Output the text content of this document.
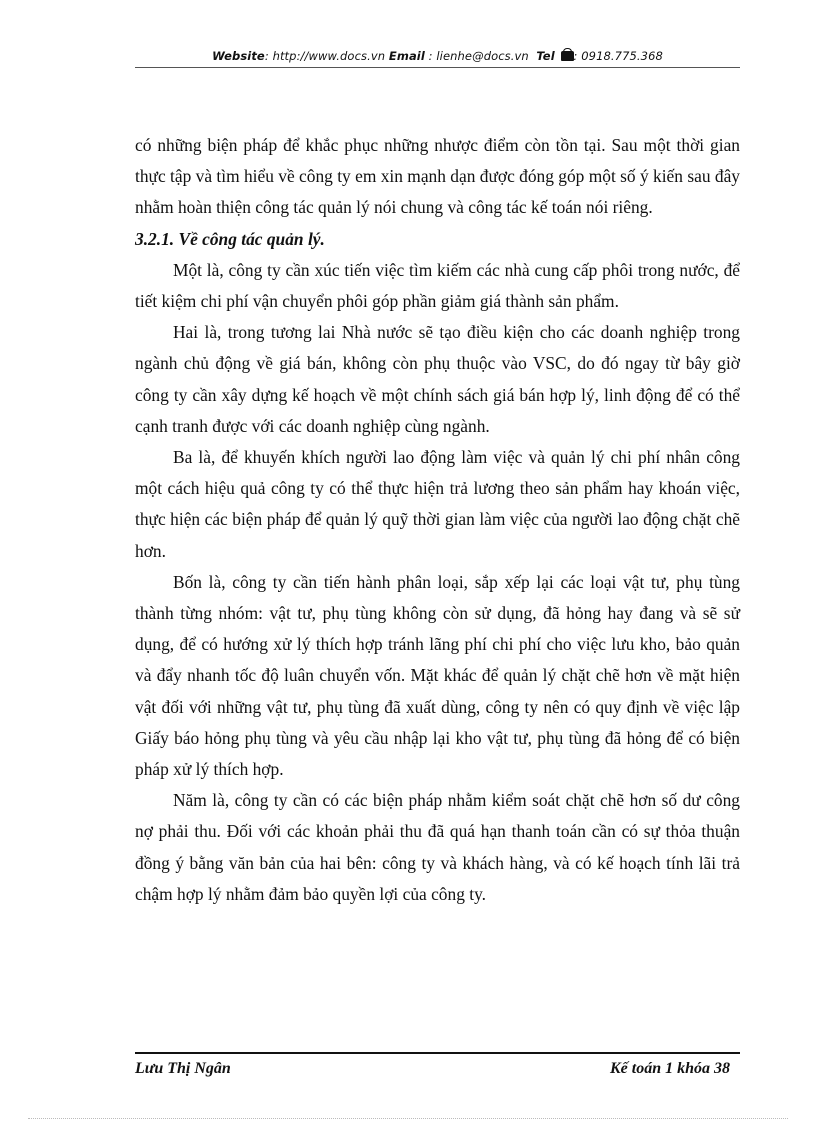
Website: http://www.docs.vn Email : lienhe@docs.vn Tel : 0918.775.368

có những biện pháp để khắc phục những nhược điểm còn tồn tại. Sau một thời gian thực tập và tìm hiểu về công ty em xin mạnh dạn được đóng góp một số ý kiến sau đây nhằm hoàn thiện công tác quản lý nói chung và công tác kế toán nói riêng.

3.2.1. Về công tác quản lý.

Một là, công ty cần xúc tiến việc tìm kiếm các nhà cung cấp phôi trong nước, để tiết kiệm chi phí vận chuyển phôi góp phần giảm giá thành sản phẩm.

Hai là, trong tương lai Nhà nước sẽ tạo điều kiện cho các doanh nghiệp trong ngành chủ động về giá bán, không còn phụ thuộc vào VSC, do đó ngay từ bây giờ công ty cần xây dựng kế hoạch về một chính sách giá bán hợp lý, linh động để có thể cạnh tranh được với các doanh nghiệp cùng ngành.

Ba là, để khuyến khích người lao động làm việc và quản lý chi phí nhân công một cách hiệu quả công ty có thể thực hiện trả lương theo sản phẩm hay khoán việc, thực hiện các biện pháp để quản lý quỹ thời gian làm việc của người lao động chặt chẽ hơn.

Bốn là, công ty cần tiến hành phân loại, sắp xếp lại các loại vật tư, phụ tùng thành từng nhóm: vật tư, phụ tùng không còn sử dụng, đã hỏng hay đang và sẽ sử dụng, để có hướng xử lý thích hợp tránh lãng phí chi phí cho việc lưu kho, bảo quản và đẩy nhanh tốc độ luân chuyển vốn. Mặt khác để quản lý chặt chẽ hơn về mặt hiện vật đối với những vật tư, phụ tùng đã xuất dùng, công ty nên có quy định về việc lập Giấy báo hỏng phụ tùng và yêu cầu nhập lại kho vật tư, phụ tùng đã hỏng để có biện pháp xử lý thích hợp.

Năm là, công ty cần có các biện pháp nhằm kiểm soát chặt chẽ hơn số dư công nợ phải thu. Đối với các khoản phải thu đã quá hạn thanh toán cần có sự thỏa thuận đồng ý bằng văn bản của hai bên: công ty và khách hàng, và có kế hoạch tính lãi trả chậm hợp lý nhằm đảm bảo quyền lợi của công ty.

Lưu Thị Ngân	Kế toán 1 khóa 38
